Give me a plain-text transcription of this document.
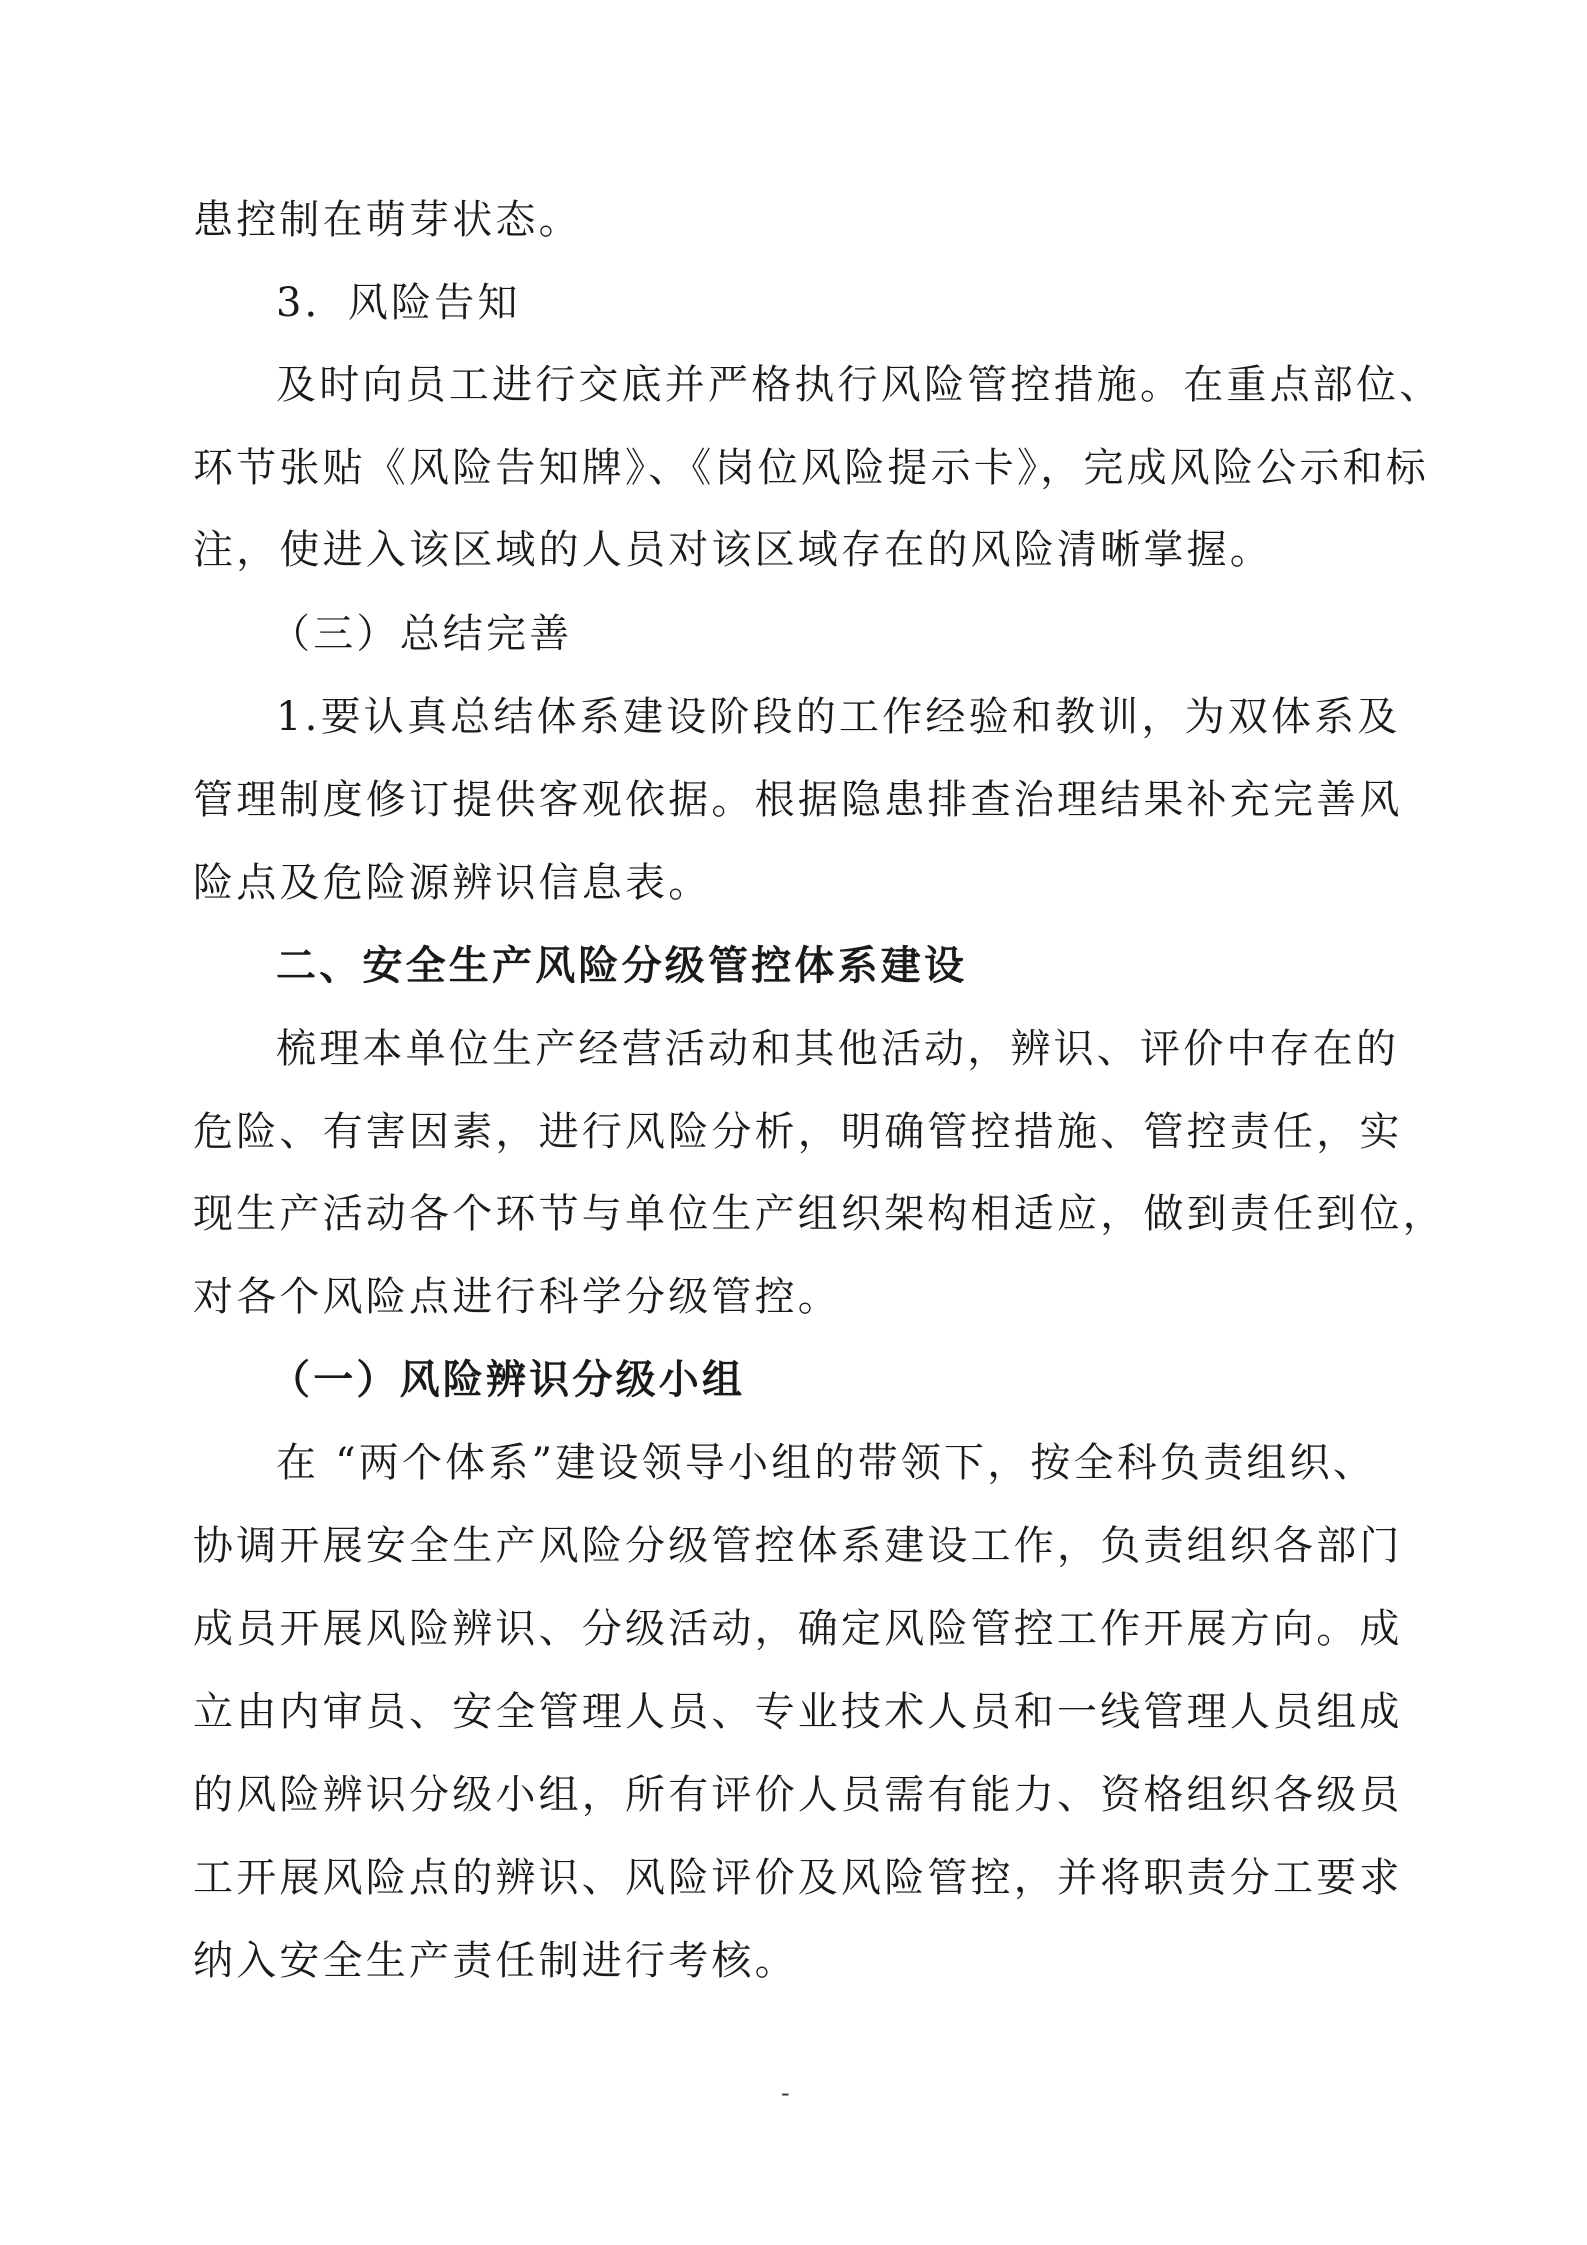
患控制在萌芽状态。
3．风险告知
及时向员工进行交底并严格执行风险管控措施。在重点部位、
环节张贴《风险告知牌》、《岗位风险提示卡》，完成风险公示和标
注，使进入该区域的人员对该区域存在的风险清晰掌握。
（三）总结完善
1.要认真总结体系建设阶段的工作经验和教训，为双体系及
管理制度修订提供客观依据。根据隐患排查治理结果补充完善风
险点及危险源辨识信息表。
二、安全生产风险分级管控体系建设
梳理本单位生产经营活动和其他活动，辨识、评价中存在的
危险、有害因素，进行风险分析，明确管控措施、管控责任，实
现生产活动各个环节与单位生产组织架构相适应，做到责任到位，
对各个风险点进行科学分级管控。
（一）风险辨识分级小组
在 “两个体系”建设领导小组的带领下，按全科负责组织、
协调开展安全生产风险分级管控体系建设工作，负责组织各部门
成员开展风险辨识、分级活动，确定风险管控工作开展方向。成
立由内审员、安全管理人员、专业技术人员和一线管理人员组成
的风险辨识分级小组，所有评价人员需有能力、资格组织各级员
工开展风险点的辨识、风险评价及风险管控，并将职责分工要求
纳入安全生产责任制进行考核。
-
